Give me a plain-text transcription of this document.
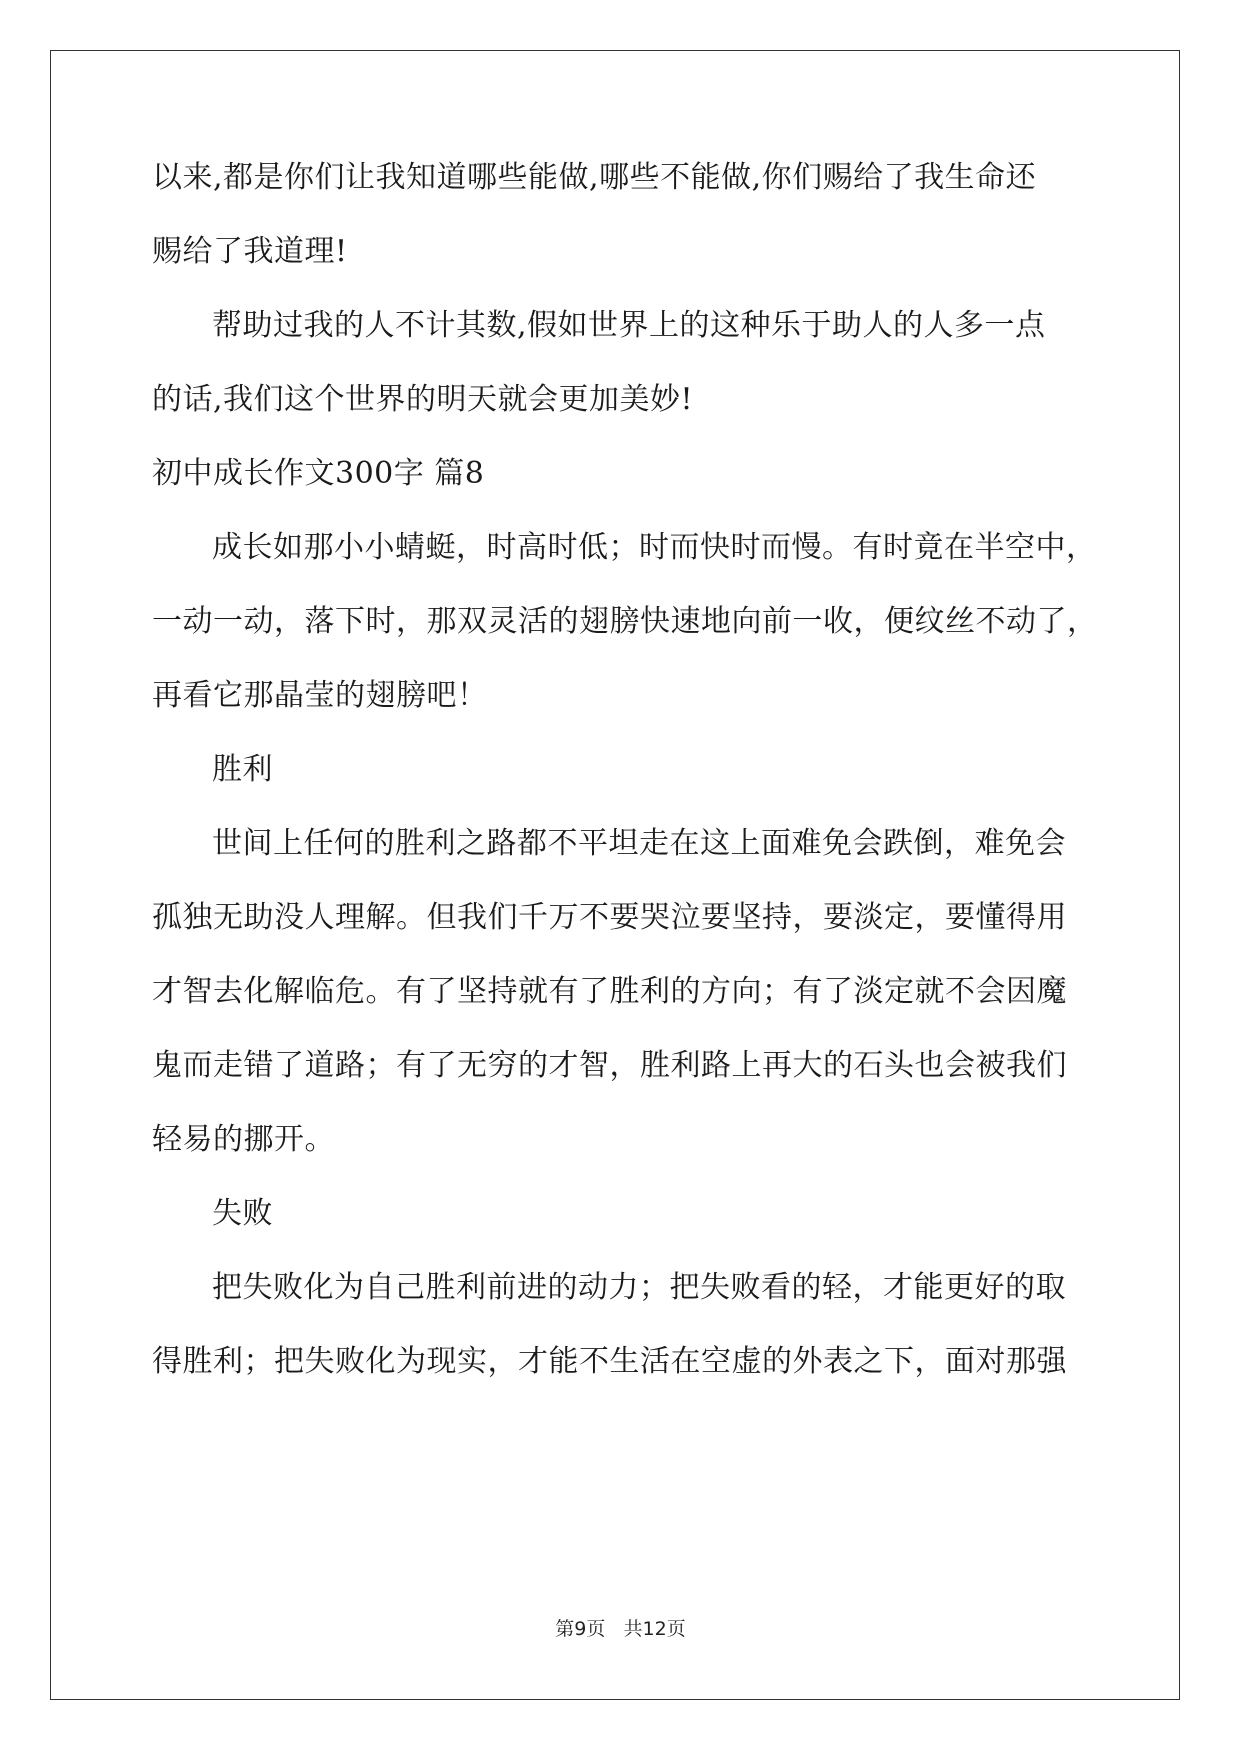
以来,都是你们让我知道哪些能做,哪些不能做,你们赐给了我生命还
赐给了我道理!
帮助过我的人不计其数,假如世界上的这种乐于助人的人多一点
的话,我们这个世界的明天就会更加美妙!
初中成长作文300字 篇8
成长如那小小蜻蜓，时高时低；时而快时而慢。有时竟在半空中，
一动一动，落下时，那双灵活的翅膀快速地向前一收，便纹丝不动了，
再看它那晶莹的翅膀吧！
胜利
世间上任何的胜利之路都不平坦走在这上面难免会跌倒，难免会
孤独无助没人理解。但我们千万不要哭泣要坚持，要淡定，要懂得用
才智去化解临危。有了坚持就有了胜利的方向；有了淡定就不会因魔
鬼而走错了道路；有了无穷的才智，胜利路上再大的石头也会被我们
轻易的挪开。
失败
把失败化为自己胜利前进的动力；把失败看的轻，才能更好的取
得胜利；把失败化为现实，才能不生活在空虚的外表之下，面对那强
第9页 共12页
